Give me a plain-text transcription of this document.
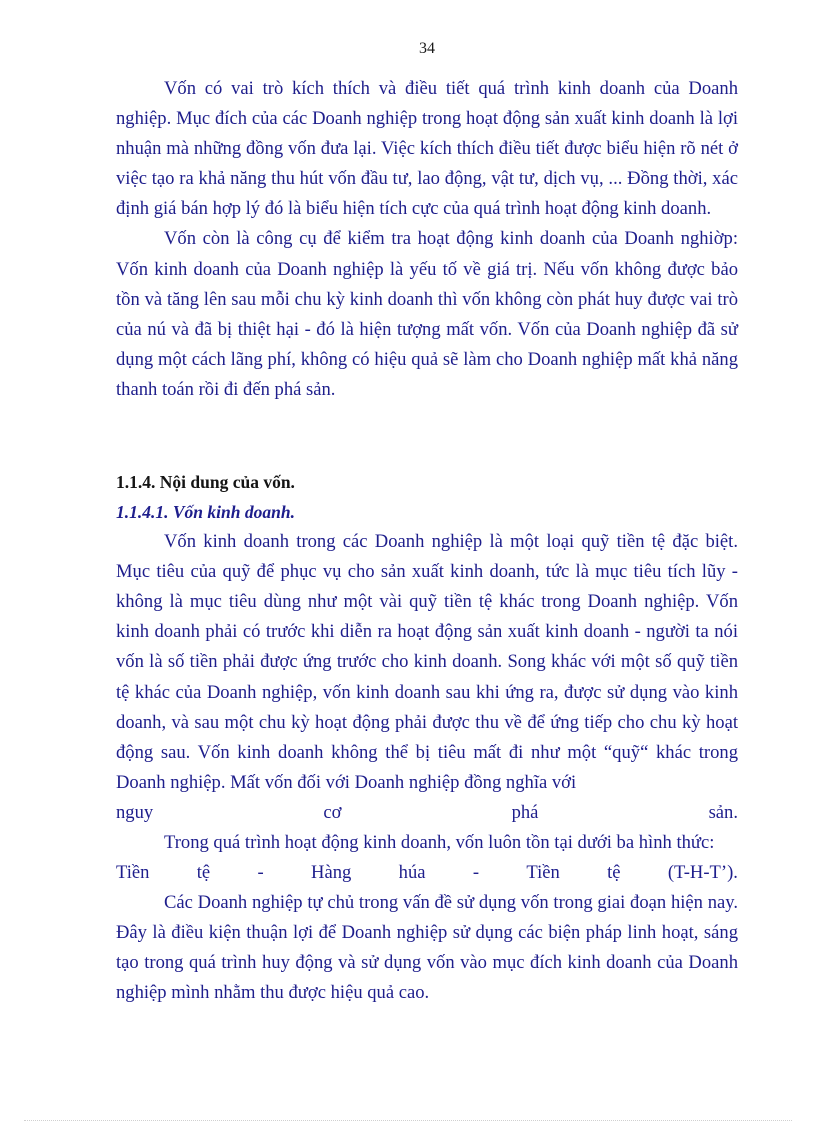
34

Vốn có vai trò kích thích và điều tiết quá trình kinh doanh của Doanh nghiệp. Mục đích của các Doanh nghiệp trong hoạt động sản xuất kinh doanh là lợi nhuận mà những đồng vốn đưa lại. Việc kích thích điều tiết được biểu hiện rõ nét ở việc tạo ra khả năng thu hút vốn đầu tư, lao động, vật tư, dịch vụ, ... Đồng thời, xác định giá bán hợp lý đó là biểu hiện tích cực của quá trình hoạt động kinh doanh.

Vốn còn là công cụ để kiểm tra hoạt động kinh doanh của Doanh nghiờp: Vốn kinh doanh của Doanh nghiệp là yếu tố về giá trị. Nếu vốn không được bảo tồn và tăng lên sau mỗi chu kỳ kinh doanh thì vốn không còn phát huy được vai trò của nú và đã bị thiệt hại - đó là hiện tượng mất vốn. Vốn của Doanh nghiệp đã sử dụng một cách lãng phí, không có hiệu quả sẽ làm cho Doanh nghiệp mất khả năng thanh toán rồi đi đến phá sản.

1.1.4. Nội dung của vốn.
1.1.4.1. Vốn kinh doanh.

Vốn kinh doanh trong các Doanh nghiệp là một loại quỹ tiền tệ đặc biệt. Mục tiêu của quỹ để phục vụ cho sản xuất kinh doanh, tức là mục tiêu tích lũy - không là mục tiêu dùng như một vài quỹ tiền tệ khác trong Doanh nghiệp. Vốn kinh doanh phải có trước khi diễn ra hoạt động sản xuất kinh doanh - người ta nói vốn là số tiền phải được ứng trước cho kinh doanh. Song khác với một số quỹ tiền tệ khác của Doanh nghiệp, vốn kinh doanh sau khi ứng ra, được sử dụng vào kinh doanh, và sau một chu kỳ hoạt động phải được thu về để ứng tiếp cho chu kỳ hoạt động sau. Vốn kinh doanh không thể bị tiêu mất đi như một “quỹ“ khác trong Doanh nghiệp. Mất vốn đối với Doanh nghiệp đồng nghĩa với

nguy	cơ	phá	sản.

Trong quá trình hoạt động kinh doanh, vốn luôn tồn tại dưới ba hình thức:

Tiền	tệ	-	Hàng	húa	-	Tiền	tệ	(T-H-T’).

Các Doanh nghiệp tự chủ trong vấn đề sử dụng vốn trong giai đoạn hiện nay. Đây là điều kiện thuận lợi để Doanh nghiệp sử dụng các biện pháp linh hoạt, sáng tạo trong quá trình huy động và sử dụng vốn vào mục đích kinh doanh của Doanh nghiệp mình nhằm thu được hiệu quả cao.
